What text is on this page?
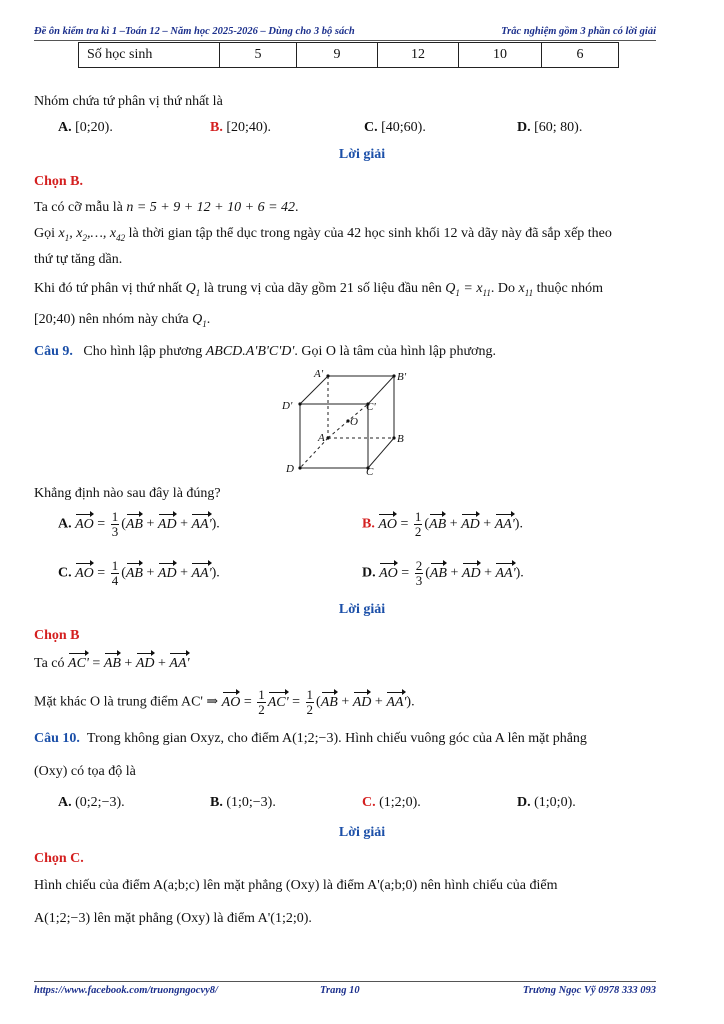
Đề ôn kiểm tra kì 1 –Toán 12 – Năm học 2025-2026 – Dùng cho 3 bộ sách	Trắc nghiệm gồm 3 phần có lời giải
Số học sinh	5	9	12	10	6
Nhóm chứa tứ phân vị thứ nhất là
A. [0;20).	B. [20;40).	C. [40;60).	D. [60; 80).
Lời giải
Chọn B.
Ta có cỡ mẫu là n = 5 + 9 + 12 + 10 + 6 = 42.
Gọi $x_1$, $x_2,\dots$, $x_{42}$ là thời gian tập thể dục trong ngày của 42 học sinh khối 12 và dãy này đã sắp xếp theo
thứ tự tăng dần.
Khi đó tứ phân vị thứ nhất $Q_1$ là trung vị của dãy gồm 21 số liệu đầu nên $Q_1 = x_{11}$. Do $x_{11}$ thuộc nhóm
[20;40) nên nhóm này chứa $Q_1$.
Câu 9. Cho hình lập phương ABCD.A'B'C'D'. Gọi O là tâm của hình lập phương.
A'	B'
D'	C'
O
A	B
D	C
Khẳng định nào sau đây là đúng?
A. AO = $\frac{1}{3} (AB$ + AD + AA').	B. AO = $\frac{1}{2} (AB$ + AD + AA').
C. AO = $\frac{1}{4} (AB$ + AD + AA').	D. AO = $\frac{2}{3} (AB$ + AD + AA').
Lời giải
Chọn B
Ta có AC' = AB + AD + AA'
Mặt khác O là trung điểm AC' ⇒ AO = $\frac{1}{2} AC' = \frac{1}{2} (AB$ + AD + AA').
Câu 10. Trong không gian Oxyz, cho điểm A(1;2;−3). Hình chiếu vuông góc của A lên mặt phẳng
(Oxy) có tọa độ là
A. (0;2;−3).	B. (1;0;−3).	C. (1;2;0).	D. (1;0;0).
Lời giải
Chọn C.
Hình chiếu của điểm A(a;b;c) lên mặt phẳng (Oxy) là điểm A'(a;b;0) nên hình chiếu của điểm
A(1;2;−3) lên mặt phẳng (Oxy) là điểm A'(1;2;0).
https://www.facebook.com/truongngocvy8/	Trang 10	Trương Ngọc Vỹ 0978 333 093
